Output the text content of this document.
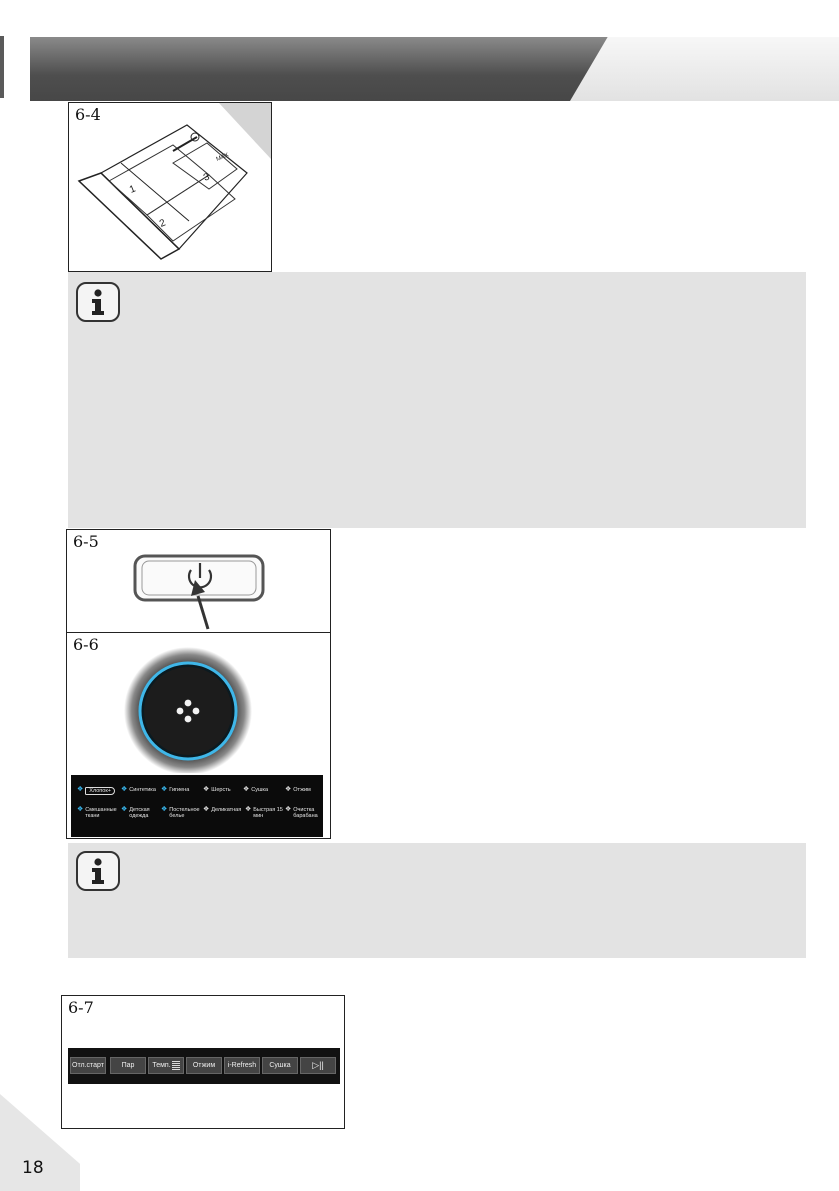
6-4
1
2
3
MAX
6-5
6-6
❖	Хлопок+	❖ Синтетика ❖ Гигиена ❖ Шерсть ❖ Сушка ❖ Отжим
❖ Смешанные ткани
❖ Детская одежда
❖ Постельное белье
❖ Деликатная ❖ Быстрая 15 мин
❖ Очистка барабана
6-7
Отл.старт	Пар	Темп.	Отжим	i-Refresh	Сушка	▷||
18
